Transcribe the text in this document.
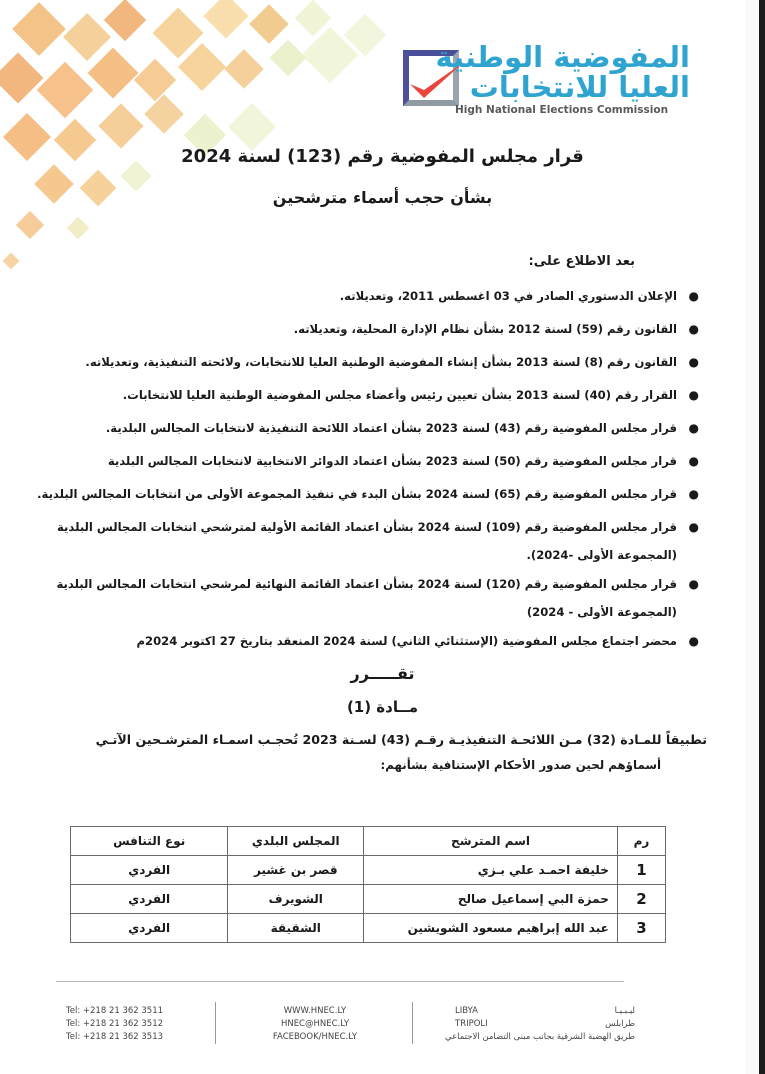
المفوضية الوطنية
العليا للانتخابات
High National Elections Commission
قرار مجلس المفوضية رقم (123) لسنة 2024
بشأن حجب أسماء مترشحين
بعد الاطلاع على:
●
الإعلان الدستوري الصادر في 03 اغسطس 2011، وتعديلاته.
●
القانون رقم (59) لسنة 2012 بشأن نظام الإدارة المحلية، وتعديلاته.
●
القانون رقم (8) لسنة 2013 بشأن إنشاء المفوضية الوطنية العليا للانتخابات، ولائحته التنفيذية، وتعديلاته.
●
القرار رقم (40) لسنة 2013 بشأن تعيين رئيس وأعضاء مجلس المفوضية الوطنية العليا للانتخابات.
●
قرار مجلس المفوضية رقم (43) لسنة 2023 بشأن اعتماد اللائحة التنفيذية لانتخابات المجالس البلدية.
●
قرار مجلس المفوضية رقم (50) لسنة 2023 بشأن اعتماد الدوائر الانتخابية لانتخابات المجالس البلدية
●
قرار مجلس المفوضية رقم (65) لسنة 2024 بشأن البدء في تنفيذ المجموعة الأولى من انتخابات المجالس البلدية.
●
قرار مجلس المفوضية رقم (109) لسنة 2024 بشأن اعتماد القائمة الأولية لمترشحي انتخابات المجالس البلدية
(المجموعة الأولى -2024).
●
قرار مجلس المفوضية رقم (120) لسنة 2024 بشأن اعتماد القائمة النهائية لمرشحي انتخابات المجالس البلدية
(المجموعة الأولى - 2024)
●
محضر اجتماع مجلس المفوضية (الإستثنائي الثاني) لسنة 2024 المنعقد بتاريخ 27 اكتوبر 2024م
تقـــــرر
مــادة (1)
تطبيقاً للمـادة (32) مـن اللائحـة التنفيذيـة رقـم (43) لسـنة 2023 تُحجـب اسمـاء المترشـحين الآتـي
أسماؤهم لحين صدور الأحكام الإستنافية بشأنهم:
رم	اسم المترشح	المجلس البلدي	نوع التنافس
1	خليفة احمـد علي بـزي	قصر بن غشير	الفردي
2	حمزة البي إسماعيل صالح	الشويرف	الفردي
3	عبد الله إبراهيم مسعود الشويشين	الشقيقة	الفردي
Tel: +218 21 362 3511
Tel: +218 21 362 3512
Tel: +218 21 362 3513
WWW.HNEC.LY
HNEC@HNEC.LY
FACEBOOK/HNEC.LY
LIBYA
TRIPOLI
ليـبـيـا
طرابلس
طريق الهضبة الشرقية بجانب مبنى التضامن الاجتماعي
